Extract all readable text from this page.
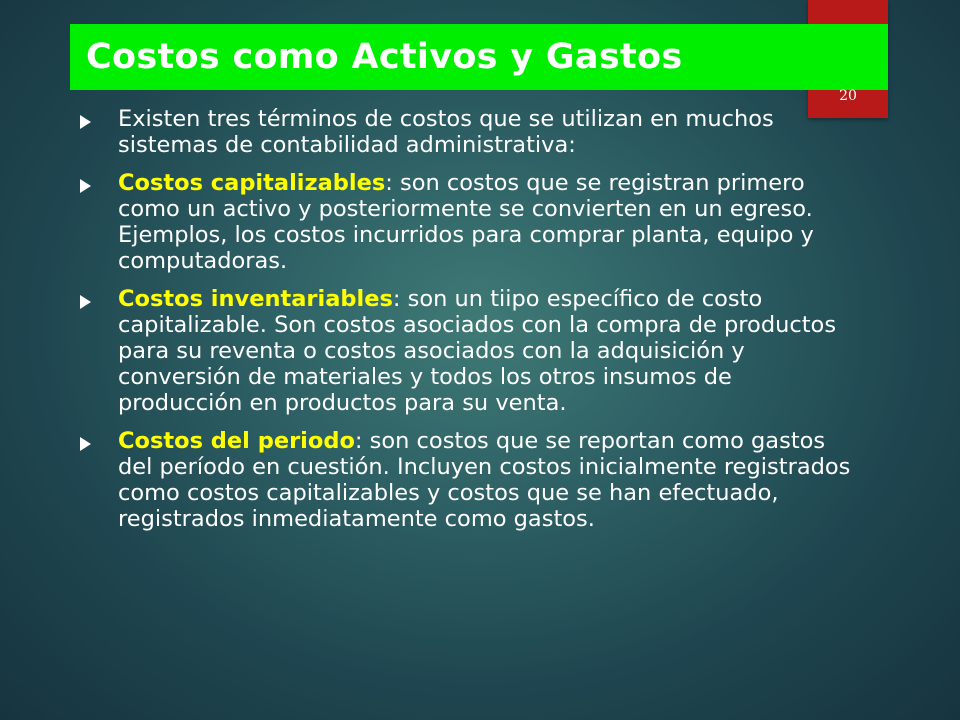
Costos como Activos y Gastos
20
Existen tres términos de costos que se utilizan en muchos sistemas de contabilidad administrativa:
Costos capitalizables: son costos que se registran primero como un activo y posteriormente se convierten en un egreso. Ejemplos, los costos incurridos para comprar planta, equipo y computadoras.
Costos inventariables: son un tiipo específico de costo capitalizable. Son costos asociados con la compra de productos para su reventa o costos asociados con la adquisición y conversión de materiales y todos los otros insumos de producción en productos para su venta.
Costos del periodo: son costos que se reportan como gastos del período en cuestión. Incluyen costos inicialmente registrados como costos capitalizables y costos que se han efectuado, registrados inmediatamente como gastos.
